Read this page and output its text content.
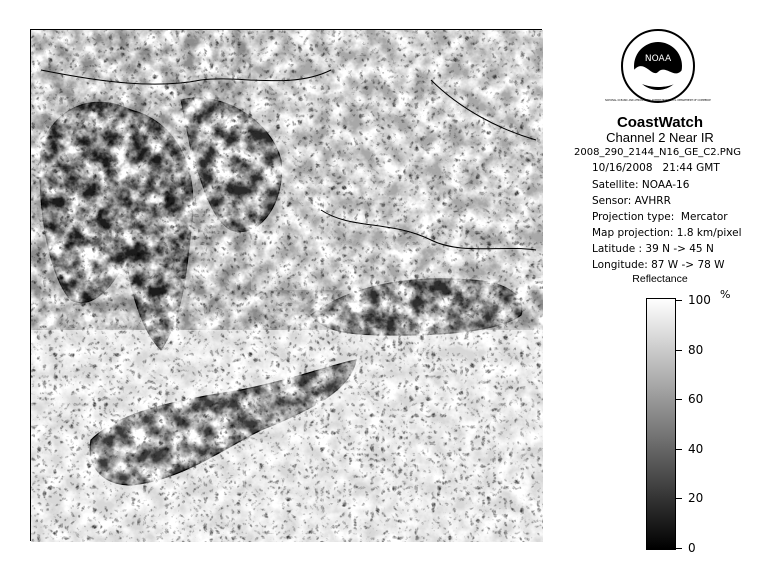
NOAA
NATIONAL OCEANIC AND ATMOSPHERIC ADMINISTRATION U.S. DEPARTMENT OF COMMERCE
CoastWatch
Channel 2 Near IR
2008_290_2144_N16_GE_C2.PNG
10/16/2008   21:44 GMT
Satellite: NOAA-16
Sensor: AVHRR
Projection type:  Mercator
Map projection: 1.8 km/pixel
Latitude : 39 N -> 45 N
Longitude: 87 W -> 78 W
Reflectance
%
100
80
60
40
20
0
